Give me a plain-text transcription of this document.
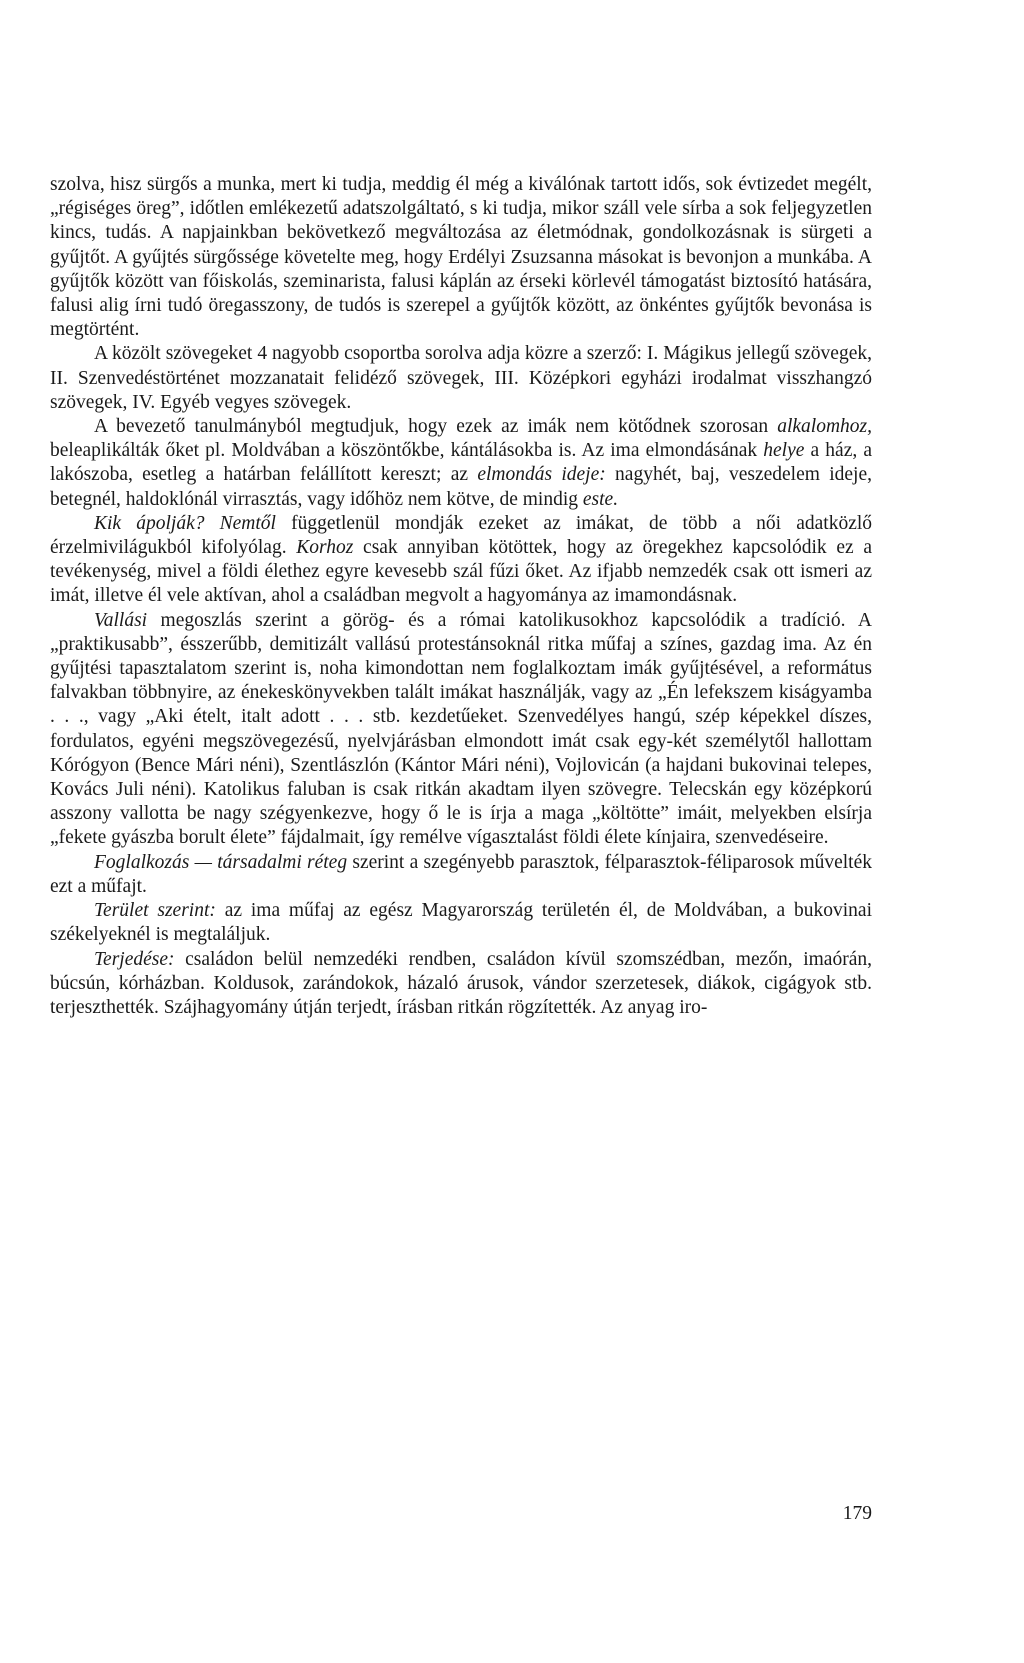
szolva, hisz sürgős a munka, mert ki tudja, meddig él még a kiválónak tartott idős, sok évtizedet megélt, „régiséges öreg”, időtlen emlékezetű adatszolgáltató, s ki tudja, mikor száll vele sírba a sok feljegyzetlen kincs, tudás. A napjainkban bekövetkező megváltozása az életmódnak, gondolkozásnak is sürgeti a gyűjtőt. A gyűjtés sürgőssége követelte meg, hogy Erdélyi Zsuzsanna másokat is bevonjon a munkába. A gyűjtők között van főiskolás, szeminarista, falusi káplán az érseki körlevél támogatást biztosító hatására, falusi alig írni tudó öregasszony, de tudós is szerepel a gyűjtők között, az önkéntes gyűjtők bevonása is megtörtént.

A közölt szövegeket 4 nagyobb csoportba sorolva adja közre a szerző: I. Mágikus jellegű szövegek, II. Szenvedéstörténet mozzanatait felidéző szövegek, III. Középkori egyházi irodalmat visszhangzó szövegek, IV. Egyéb vegyes szövegek.

A bevezető tanulmányból megtudjuk, hogy ezek az imák nem kötődnek szorosan alkalomhoz, beleaplikálták őket pl. Moldvában a köszöntőkbe, kántálásokba is. Az ima elmondásának helye a ház, a lakószoba, esetleg a határban felállított kereszt; az elmondás ideje: nagyhét, baj, veszedelem ideje, betegnél, haldoklónál virrasztás, vagy időhöz nem kötve, de mindig este.

Kik ápolják? Nemtől függetlenül mondják ezeket az imákat, de több a női adatközlő érzelmivilágukból kifolyólag. Korhoz csak annyiban kötöttek, hogy az öregekhez kapcsolódik ez a tevékenység, mivel a földi élethez egyre kevesebb szál fűzi őket. Az ifjabb nemzedék csak ott ismeri az imát, illetve él vele aktívan, ahol a családban megvolt a hagyománya az imamondásnak.

Vallási megoszlás szerint a görög- és a római katolikusokhoz kapcsolódik a tradíció. A „praktikusabb”, ésszerűbb, demitizált vallású protestánsoknál ritka műfaj a színes, gazdag ima. Az én gyűjtési tapasztalatom szerint is, noha kimondottan nem foglalkoztam imák gyűjtésével, a református falvakban többnyire, az énekeskönyvekben talált imákat használják, vagy az „Én lefekszem kiságyamba . . ., vagy „Aki ételt, italt adott . . . stb. kezdetűeket. Szenvedélyes hangú, szép képekkel díszes, fordulatos, egyéni megszövegezésű, nyelvjárásban elmondott imát csak egy-két személytől hallottam Kórógyon (Bence Mári néni), Szentlászlón (Kántor Mári néni), Vojlovicán (a hajdani bukovinai telepes, Kovács Juli néni). Katolikus faluban is csak ritkán akadtam ilyen szövegre. Telecskán egy középkorú asszony vallotta be nagy szégyenkezve, hogy ő le is írja a maga „költötte” imáit, melyekben elsírja „fekete gyászba borult élete” fájdalmait, így remélve vígasztalást földi élete kínjaira, szenvedéseire.

Foglalkozás — társadalmi réteg szerint a szegényebb parasztok, félparasztok-féliparosok művelték ezt a műfajt.

Terület szerint: az ima műfaj az egész Magyarország területén él, de Moldvában, a bukovinai székelyeknél is megtaláljuk.

Terjedése: családon belül nemzedéki rendben, családon kívül szomszédban, mezőn, imaórán, búcsún, kórházban. Koldusok, zarándokok, házaló árusok, vándor szerzetesek, diákok, cigágyok stb. terjeszthették. Szájhagyomány útján terjedt, írásban ritkán rögzítették. Az anyag iro-

179
